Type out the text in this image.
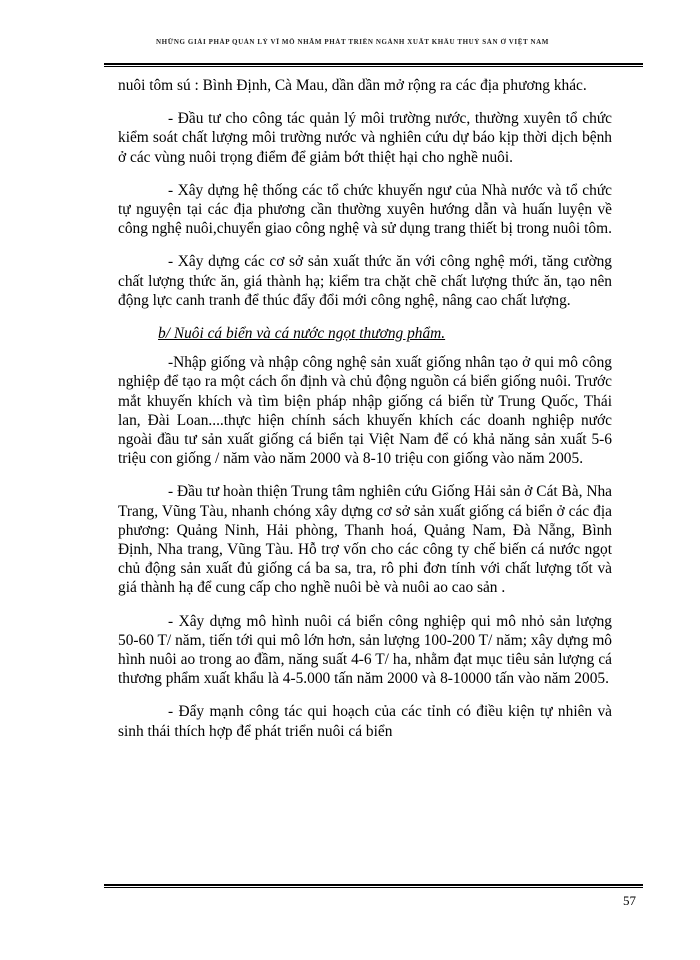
NHỮNG GIẢI PHÁP QUẢN LÝ VĨ MÔ NHẰM PHÁT TRIỂN NGÀNH XUẤT KHẨU THUỶ SẢN Ở VIỆT NAM

nuôi tôm sú : Bình Định, Cà Mau, dần dần mở rộng ra các địa phương khác.

- Đầu tư cho công tác quản lý môi trường nước, thường xuyên tổ chức kiểm soát chất lượng môi trường nước và nghiên cứu dự báo kịp thời dịch bệnh ở các vùng nuôi trọng điểm để giảm bớt thiệt hại cho nghề nuôi.

- Xây dựng hệ thống các tổ chức khuyến ngư của Nhà nước và tổ chức tự nguyện tại các địa phương cần thường xuyên hướng dẫn và huấn luyện về công nghệ nuôi,chuyển giao công nghệ và sử dụng trang thiết bị trong nuôi tôm.

- Xây dựng các cơ sở sản xuất thức ăn với công nghệ mới, tăng cường chất lượng thức ăn, giá thành hạ; kiểm tra chặt chẽ chất lượng thức ăn, tạo nên động lực canh tranh để thúc đẩy đổi mới công nghệ, nâng cao chất lượng.

b/ Nuôi cá biển và cá nước ngọt thương phẩm.

-Nhập giống và nhập công nghệ sản xuất giống nhân tạo ở qui mô công nghiệp để tạo ra một cách ổn định và chủ động nguồn cá biển giống nuôi. Trước mắt khuyến khích và tìm biện pháp nhập giống cá biển từ Trung Quốc, Thái lan, Đài Loan....thực hiện chính sách khuyến khích các doanh nghiệp nước ngoài đầu tư sản xuất giống cá biển tại Việt Nam để có khả năng sản xuất 5-6 triệu con giống / năm vào năm 2000 và 8-10 triệu con giống vào năm 2005.

- Đầu tư hoàn thiện Trung tâm nghiên cứu Giống Hải sản ở Cát Bà, Nha Trang, Vũng Tàu, nhanh chóng xây dựng cơ sở sản xuất giống cá biển ở các địa phương: Quảng Ninh, Hải phòng, Thanh hoá, Quảng Nam, Đà Nẵng, Bình Định, Nha trang, Vũng Tàu. Hỗ trợ vốn cho các công ty chế biến cá nước ngọt chủ động sản xuất đủ giống cá ba sa, tra, rô phi đơn tính với chất lượng tốt và giá thành hạ để cung cấp cho nghề nuôi bè và nuôi ao cao sản .

- Xây dựng mô hình nuôi cá biển công nghiệp qui mô nhỏ sản lượng 50-60 T/ năm, tiến tới qui mô lớn hơn, sản lượng 100-200 T/ năm; xây dựng mô hình nuôi ao trong ao đầm, năng suất 4-6 T/ ha, nhằm đạt mục tiêu sản lượng cá thương phẩm xuất khẩu là 4-5.000 tấn năm 2000 và 8-10000 tấn vào năm 2005.

- Đẩy mạnh công tác qui hoạch của các tỉnh có điều kiện tự nhiên và sinh thái thích hợp để phát triển nuôi cá biển

57
